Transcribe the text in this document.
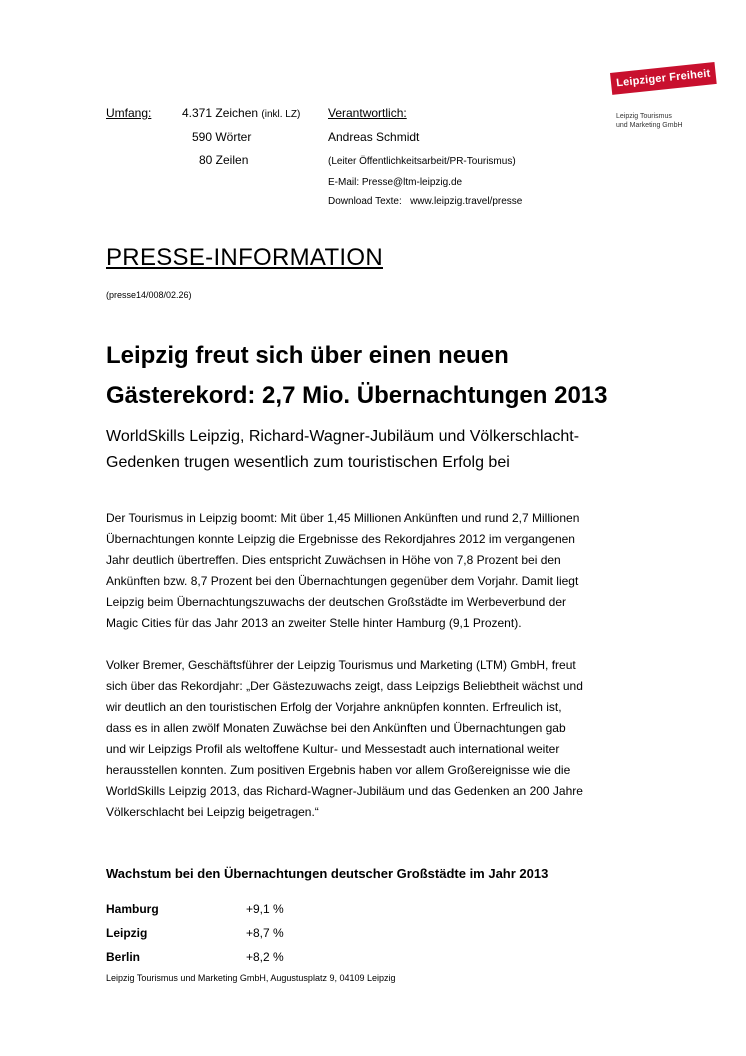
Leipziger Freiheit
Leipzig Tourismus
und Marketing GmbH
Umfang:	4.371 Zeichen (inkl. LZ)
590 Wörter
80 Zeilen
Verantwortlich:
Andreas Schmidt
(Leiter Öffentlichkeitsarbeit/PR-Tourismus)
E-Mail: Presse@ltm-leipzig.de
Download Texte:   www.leipzig.travel/presse
PRESSE-INFORMATION
(presse14/008/02.26)
Leipzig freut sich über einen neuen
Gästerekord: 2,7 Mio. Übernachtungen 2013
WorldSkills Leipzig, Richard-Wagner-Jubiläum und Völkerschlacht-
Gedenken trugen wesentlich zum touristischen Erfolg bei
Der Tourismus in Leipzig boomt: Mit über 1,45 Millionen Ankünften und rund 2,7 Millionen
Übernachtungen konnte Leipzig die Ergebnisse des Rekordjahres 2012 im vergangenen
Jahr deutlich übertreffen. Dies entspricht Zuwächsen in Höhe von 7,8 Prozent bei den
Ankünften bzw. 8,7 Prozent bei den Übernachtungen gegenüber dem Vorjahr. Damit liegt
Leipzig beim Übernachtungszuwachs der deutschen Großstädte im Werbeverbund der
Magic Cities für das Jahr 2013 an zweiter Stelle hinter Hamburg (9,1 Prozent).
Volker Bremer, Geschäftsführer der Leipzig Tourismus und Marketing (LTM) GmbH, freut
sich über das Rekordjahr: „Der Gästezuwachs zeigt, dass Leipzigs Beliebtheit wächst und
wir deutlich an den touristischen Erfolg der Vorjahre anknüpfen konnten. Erfreulich ist,
dass es in allen zwölf Monaten Zuwächse bei den Ankünften und Übernachtungen gab
und wir Leipzigs Profil als weltoffene Kultur- und Messestadt auch international weiter
herausstellen konnten. Zum positiven Ergebnis haben vor allem Großereignisse wie die
WorldSkills Leipzig 2013, das Richard-Wagner-Jubiläum und das Gedenken an 200 Jahre
Völkerschlacht bei Leipzig beigetragen.“
Wachstum bei den Übernachtungen deutscher Großstädte im Jahr 2013
Hamburg	+9,1 %
Leipzig	+8,7 %
Berlin	+8,2 %
Leipzig Tourismus und Marketing GmbH, Augustusplatz 9, 04109 Leipzig
